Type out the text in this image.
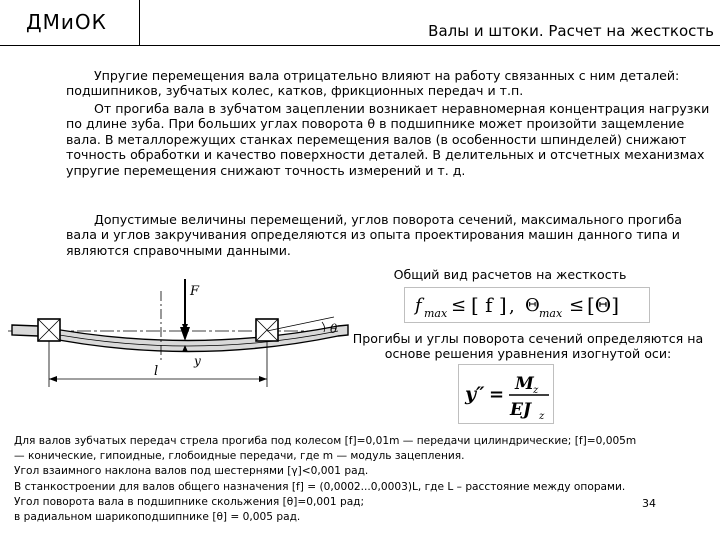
ДМиОК	Валы и штоки. Расчет на жесткость

Упругие перемещения вала отрицательно влияют на работу связанных с ним деталей: подшипников, зубчатых колес, катков, фрикционных передач и т.п.

От прогиба вала в зубчатом зацеплении возникает неравномерная концентрация нагрузки по длине зуба. При больших углах поворота θ в подшипнике может произойти защемление вала. В металлорежущих станках перемещения валов (в особенности шпинделей) снижают точность обработки и качество поверхности деталей. В делительных и отсчетных механизмах упругие перемещения снижают точность измерений и т. д.

Допустимые величины перемещений, углов поворота сечений, максимального прогиба вала и углов закручивания определяются из опыта проектирования машин данного типа и являются справочными данными.

Общий вид расчетов на жесткость
f max ≤ [ f ] , Θ max ≤ [Θ]
Прогибы и углы поворота сечений определяются на основе решения уравнения изогнутой оси:
y″ = M z
EJ z
l
F
y
θ
Для валов зубчатых передач стрела прогиба под колесом [f]=0,01m — передачи цилиндрические; [f]=0,005m
— конические, гипоидные, глобоидные передачи, где m — модуль зацепления.
Угол взаимного наклона валов под шестернями [γ]<0,001 рад.
В станкостроении для валов общего назначения [f] = (0,0002...0,0003)L, где L – расстояние между опорами.
Угол поворота вала в подшипнике скольжения [θ]=0,001 рад;
в радиальном шарикоподшипнике [θ] = 0,005 рад.
34
